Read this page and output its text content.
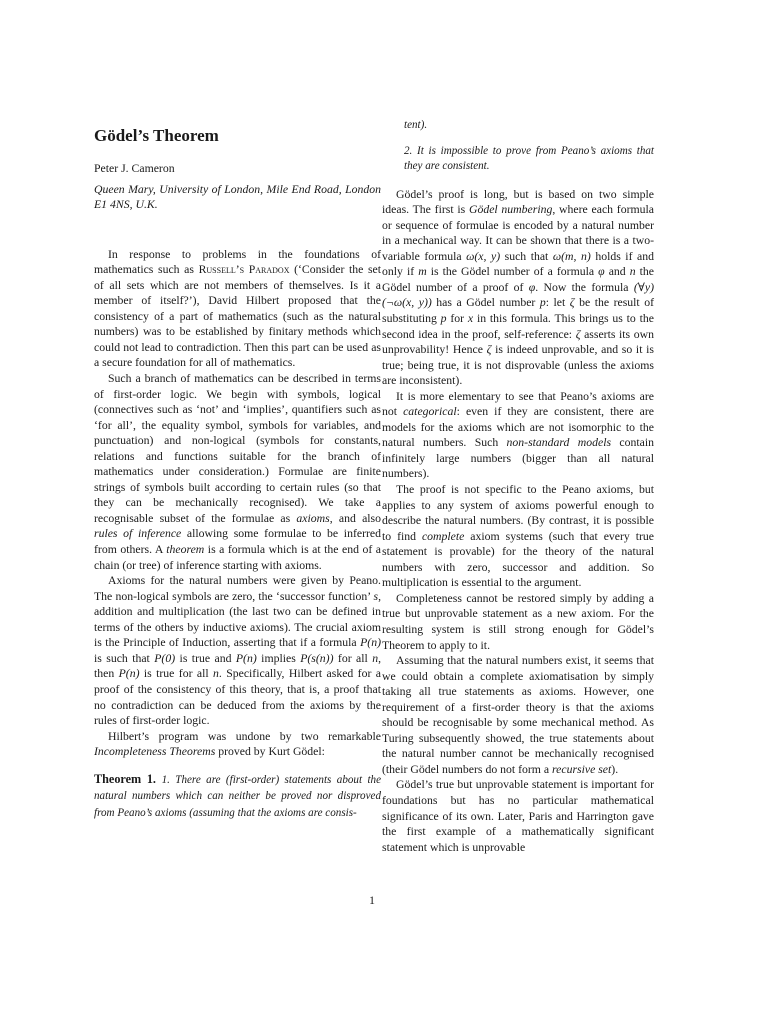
Gödel’s Theorem
Peter J. Cameron
Queen Mary, University of London, Mile End Road, London E1 4NS, U.K.

In response to problems in the foundations of mathematics such as Russell’s Paradox (‘Consider the set of all sets which are not members of themselves. Is it a member of itself?’), David Hilbert proposed that the consistency of a part of mathematics (such as the natural numbers) was to be established by finitary methods which could not lead to contradiction. Then this part can be used as a secure foundation for all of mathematics.

Such a branch of mathematics can be described in terms of first-order logic. We begin with symbols, logical (connectives such as ‘not’ and ‘implies’, quantifiers such as ‘for all’, the equality symbol, symbols for variables, and punctuation) and non-logical (symbols for constants, relations and functions suitable for the branch of mathematics under consideration.) Formulae are finite strings of symbols built according to certain rules (so that they can be mechanically recognised). We take a recognisable subset of the formulae as axioms, and also rules of inference allowing some formulae to be inferred from others. A theorem is a formula which is at the end of a chain (or tree) of inference starting with axioms.

Axioms for the natural numbers were given by Peano. The non-logical symbols are zero, the ‘successor function’ s, addition and multiplication (the last two can be defined in terms of the others by inductive axioms). The crucial axiom is the Principle of Induction, asserting that if a formula P(n) is such that P(0) is true and P(n) implies P(s(n)) for all n, then P(n) is true for all n. Specifically, Hilbert asked for a proof of the consistency of this theory, that is, a proof that no contradiction can be deduced from the axioms by the rules of first-order logic.

Hilbert’s program was undone by two remarkable Incompleteness Theorems proved by Kurt Gödel:

Theorem 1. 1. There are (first-order) statements about the natural numbers which can neither be proved nor disproved from Peano’s axioms (assuming that the axioms are consis-
tent).
2. It is impossible to prove from Peano’s axioms that they are consistent.

Gödel’s proof is long, but is based on two simple ideas. The first is Gödel numbering, where each formula or sequence of formulae is encoded by a natural number in a mechanical way. It can be shown that there is a two-variable formula ω(x, y) such that ω(m, n) holds if and only if m is the Gödel number of a formula φ and n the Gödel number of a proof of φ. Now the formula (∀y)(¬ω(x, y)) has a Gödel number p: let ζ be the result of substituting p for x in this formula. This brings us to the second idea in the proof, self-reference: ζ asserts its own unprovability! Hence ζ is indeed unprovable, and so it is true; being true, it is not disprovable (unless the axioms are inconsistent).

It is more elementary to see that Peano’s axioms are not categorical: even if they are consistent, there are models for the axioms which are not isomorphic to the natural numbers. Such non-standard models contain infinitely large numbers (bigger than all natural numbers).

The proof is not specific to the Peano axioms, but applies to any system of axioms powerful enough to describe the natural numbers. (By contrast, it is possible to find complete axiom systems (such that every true statement is provable) for the theory of the natural numbers with zero, successor and addition. So multiplication is essential to the argument.

Completeness cannot be restored simply by adding a true but unprovable statement as a new axiom. For the resulting system is still strong enough for Gödel’s Theorem to apply to it.

Assuming that the natural numbers exist, it seems that we could obtain a complete axiomatisation by simply taking all true statements as axioms. However, one requirement of a first-order theory is that the axioms should be recognisable by some mechanical method. As Turing subsequently showed, the true statements about the natural number cannot be mechanically recognised (their Gödel numbers do not form a recursive set).

Gödel’s true but unprovable statement is important for foundations but has no particular mathematical significance of its own. Later, Paris and Harrington gave the first example of a mathematically significant statement which is unprovable

1
